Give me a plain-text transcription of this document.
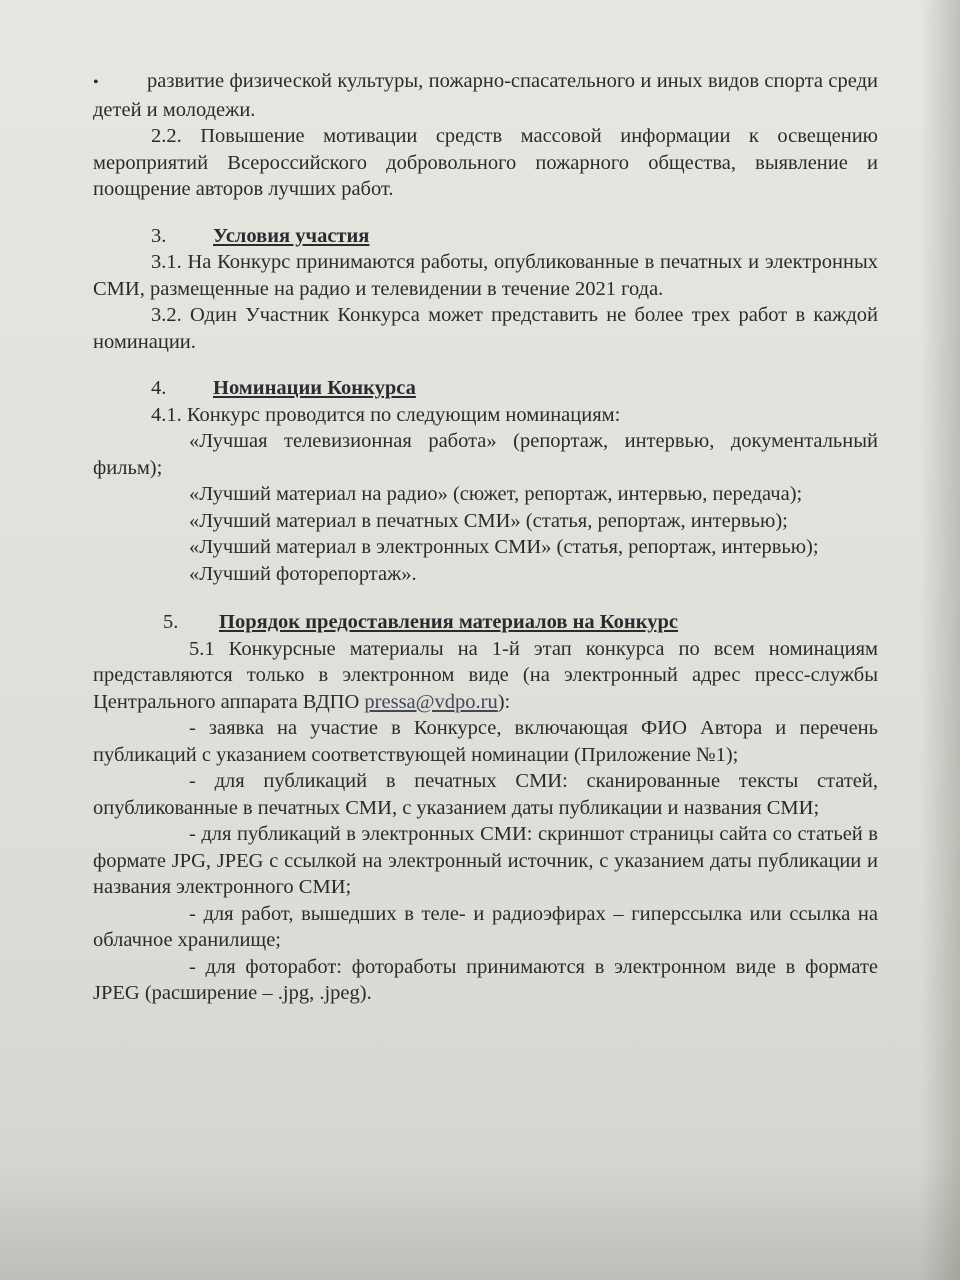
• развитие физической культуры, пожарно-спасательного и иных видов спорта среди детей и молодежи.

2.2. Повышение мотивации средств массовой информации к освещению мероприятий Всероссийского добровольного пожарного общества, выявление и поощрение авторов лучших работ.

3. Условия участия

3.1. На Конкурс принимаются работы, опубликованные в печатных и электронных СМИ, размещенные на радио и телевидении в течение 2021 года.

3.2. Один Участник Конкурса может представить не более трех работ в каждой номинации.

4. Номинации Конкурса

4.1. Конкурс проводится по следующим номинациям:

«Лучшая телевизионная работа» (репортаж, интервью, документальный фильм);

«Лучший материал на радио» (сюжет, репортаж, интервью, передача);

«Лучший материал в печатных СМИ» (статья, репортаж, интервью);

«Лучший материал в электронных СМИ» (статья, репортаж, интервью);

«Лучший фоторепортаж».

5. Порядок предоставления материалов на Конкурс

5.1 Конкурсные материалы на 1-й этап конкурса по всем номинациям представляются только в электронном виде (на электронный адрес пресс-службы Центрального аппарата ВДПО pressa@vdpo.ru):

- заявка на участие в Конкурсе, включающая ФИО Автора и перечень публикаций с указанием соответствующей номинации (Приложение №1);

- для публикаций в печатных СМИ: сканированные тексты статей, опубликованные в печатных СМИ, с указанием даты публикации и названия СМИ;

- для публикаций в электронных СМИ: скриншот страницы сайта со статьей в формате JPG, JPEG с ссылкой на электронный источник, с указанием даты публикации и названия электронного СМИ;

- для работ, вышедших в теле- и радиоэфирах – гиперссылка или ссылка на облачное хранилище;

- для фоторабот: фотоработы принимаются в электронном виде в формате JPEG (расширение – .jpg, .jpeg).
